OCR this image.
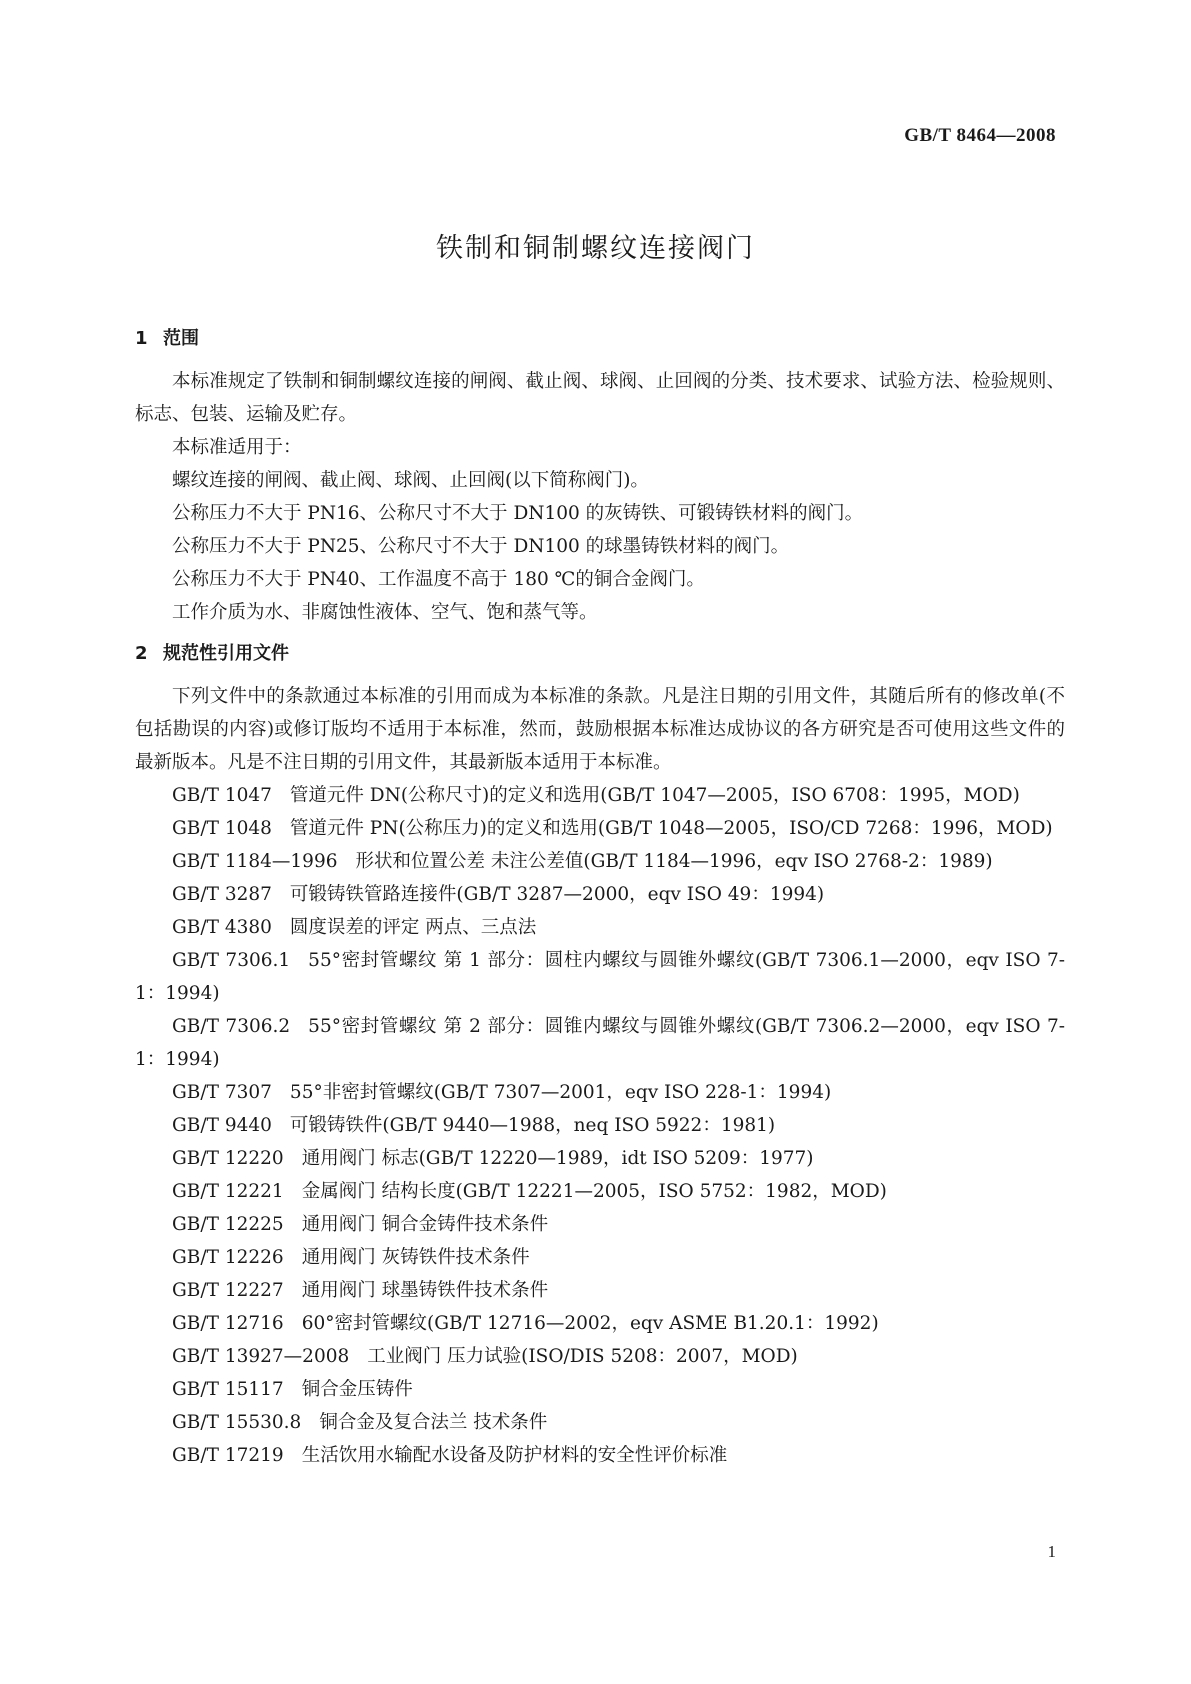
GB/T 8464—2008
铁制和铜制螺纹连接阀门
1 范围

本标准规定了铁制和铜制螺纹连接的闸阀、截止阀、球阀、止回阀的分类、技术要求、试验方法、检验规则、标志、包装、运输及贮存。

本标准适用于：

螺纹连接的闸阀、截止阀、球阀、止回阀(以下简称阀门)。

公称压力不大于 PN16、公称尺寸不大于 DN100 的灰铸铁、可锻铸铁材料的阀门。

公称压力不大于 PN25、公称尺寸不大于 DN100 的球墨铸铁材料的阀门。

公称压力不大于 PN40、工作温度不高于 180 ℃的铜合金阀门。

工作介质为水、非腐蚀性液体、空气、饱和蒸气等。

2 规范性引用文件

下列文件中的条款通过本标准的引用而成为本标准的条款。凡是注日期的引用文件，其随后所有的修改单(不包括勘误的内容)或修订版均不适用于本标准，然而，鼓励根据本标准达成协议的各方研究是否可使用这些文件的最新版本。凡是不注日期的引用文件，其最新版本适用于本标准。

GB/T 1047 管道元件 DN(公称尺寸)的定义和选用(GB/T 1047—2005，ISO 6708：1995，MOD)

GB/T 1048 管道元件 PN(公称压力)的定义和选用(GB/T 1048—2005，ISO/CD 7268：1996，MOD)

GB/T 1184—1996 形状和位置公差 未注公差值(GB/T 1184—1996，eqv ISO 2768-2：1989)

GB/T 3287 可锻铸铁管路连接件(GB/T 3287—2000，eqv ISO 49：1994)

GB/T 4380 圆度误差的评定 两点、三点法

GB/T 7306.1 55°密封管螺纹 第 1 部分：圆柱内螺纹与圆锥外螺纹(GB/T 7306.1—2000，eqv ISO 7-1：1994)

GB/T 7306.2 55°密封管螺纹 第 2 部分：圆锥内螺纹与圆锥外螺纹(GB/T 7306.2—2000，eqv ISO 7-1：1994)

GB/T 7307 55°非密封管螺纹(GB/T 7307—2001，eqv ISO 228-1：1994)

GB/T 9440 可锻铸铁件(GB/T 9440—1988，neq ISO 5922：1981)

GB/T 12220 通用阀门 标志(GB/T 12220—1989，idt ISO 5209：1977)

GB/T 12221 金属阀门 结构长度(GB/T 12221—2005，ISO 5752：1982，MOD)

GB/T 12225 通用阀门 铜合金铸件技术条件

GB/T 12226 通用阀门 灰铸铁件技术条件

GB/T 12227 通用阀门 球墨铸铁件技术条件

GB/T 12716 60°密封管螺纹(GB/T 12716—2002，eqv ASME B1.20.1：1992)

GB/T 13927—2008 工业阀门 压力试验(ISO/DIS 5208：2007，MOD)

GB/T 15117 铜合金压铸件

GB/T 15530.8 铜合金及复合法兰 技术条件

GB/T 17219 生活饮用水输配水设备及防护材料的安全性评价标准

1
